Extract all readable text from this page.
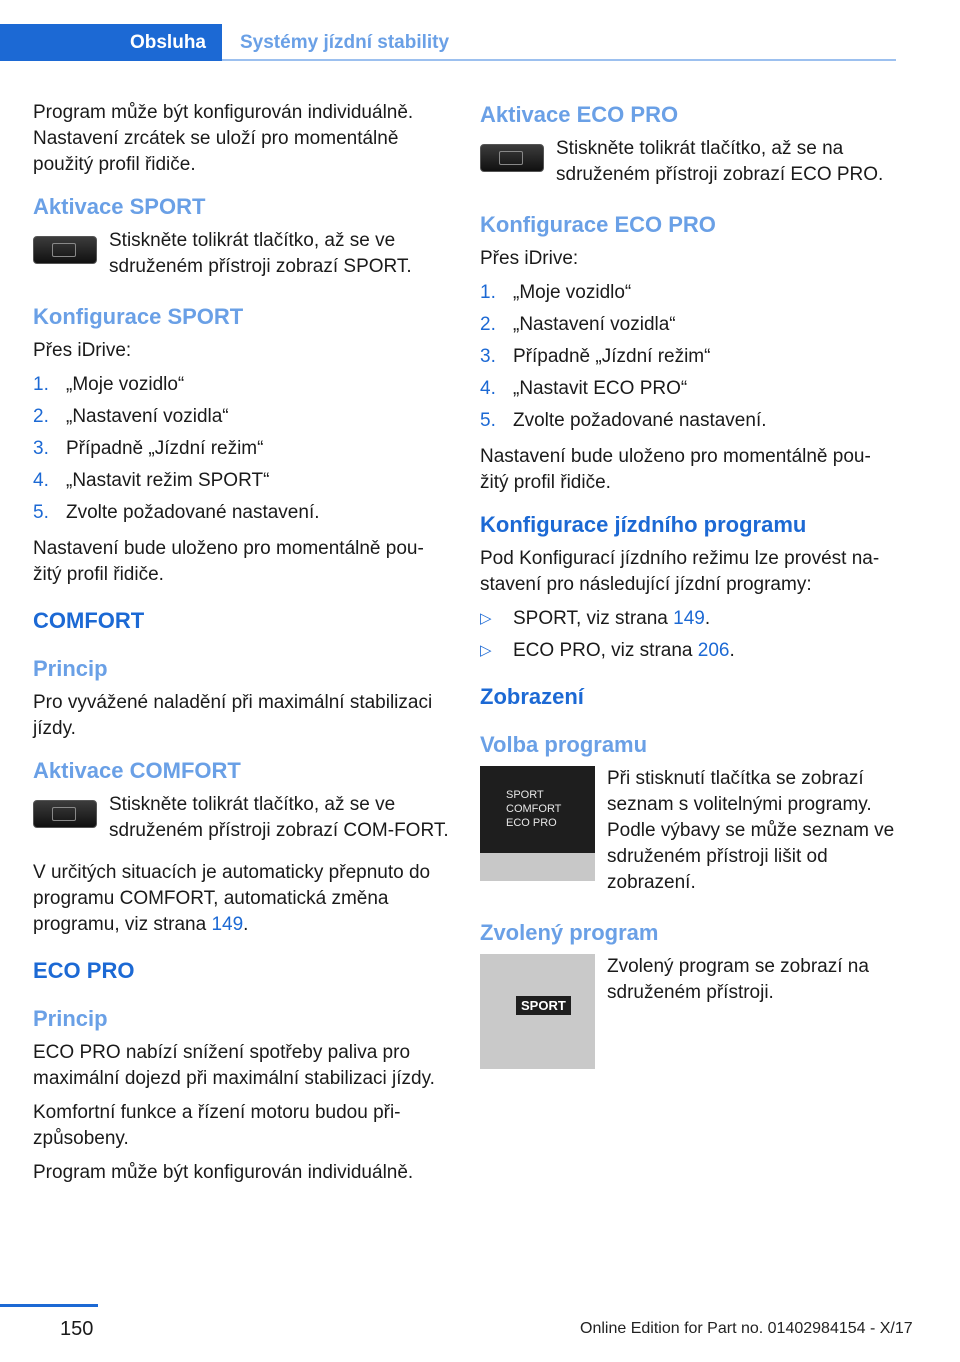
Obsluha	Systémy jízdní stability

Program může být konfigurován individuálně.

Nastavení zrcátek se uloží pro momentálně použitý profil řidiče.

Aktivace SPORT
Stiskněte tolikrát tlačítko, až se ve sdruženém přístroji zobrazí SPORT.
Konfigurace SPORT

Přes iDrive:

1. „Moje vozidlo“
2. „Nastavení vozidla“
3. Případně „Jízdní režim“
4. „Nastavit režim SPORT“
5. Zvolte požadované nastavení.

Nastavení bude uloženo pro momentálně pou‐žitý profil řidiče.

COMFORT
Princip

Pro vyvážené naladění při maximální stabilizaci jízdy.

Aktivace COMFORT
Stiskněte tolikrát tlačítko, až se ve sdruženém přístroji zobrazí COM‐FORT.

V určitých situacích je automaticky přepnuto do programu COMFORT, automatická změna programu, viz strana 149.

ECO PRO
Princip

ECO PRO nabízí snížení spotřeby paliva pro maximální dojezd při maximální stabilizaci jízdy.

Komfortní funkce a řízení motoru budou při‐způsobeny.

Program může být konfigurován individuálně.

Aktivace ECO PRO
Stiskněte tolikrát tlačítko, až se na sdruženém přístroji zobrazí ECO PRO.
Konfigurace ECO PRO

Přes iDrive:

1. „Moje vozidlo“
2. „Nastavení vozidla“
3. Případně „Jízdní režim“
4. „Nastavit ECO PRO“
5. Zvolte požadované nastavení.

Nastavení bude uloženo pro momentálně pou‐žitý profil řidiče.

Konfigurace jízdního programu

Pod Konfigurací jízdního režimu lze provést na‐stavení pro následující jízdní programy:

▷	SPORT, viz strana 149.
▷	ECO PRO, viz strana 206.
Zobrazení
Volba programu
SPORT
COMFORT
ECO PRO
Při stisknutí tlačítka se zobrazí seznam s volitelnými programy. Podle výbavy se může seznam ve sdruženém přístroji lišit od zobrazení.
Zvolený program
SPORT
Zvolený program se zobrazí na sdruženém přístroji.
150	Online Edition for Part no. 01402984154 - X/17
